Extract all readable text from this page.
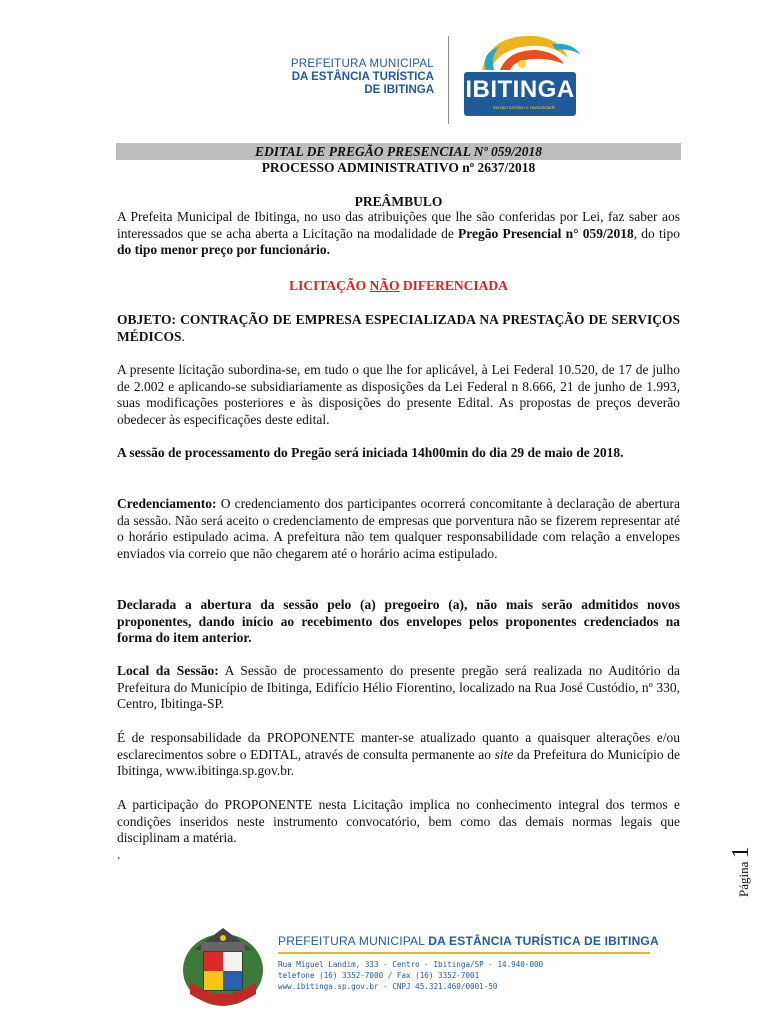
PREFEITURA MUNICIPAL
DA ESTÂNCIA TURÍSTICA
DE IBITINGA IBITINGA
Serviço turístico e Humanidade
EDITAL DE PREGÃO PRESENCIAL Nº 059/2018
PROCESSO ADMINISTRATIVO nº 2637/2018
PREÂMBULO
A Prefeita Municipal de Ibitinga, no uso das atribuições que lhe são conferidas por Lei, faz saber aos interessados que se acha aberta a Licitação na modalidade de Pregão Presencial n° 059/2018, do tipo do tipo menor preço por funcionário.
LICITAÇÃO NÃO DIFERENCIADA
OBJETO: CONTRAÇÃO DE EMPRESA ESPECIALIZADA NA PRESTAÇÃO DE SERVIÇOS MÉDICOS.
A presente licitação subordina-se, em tudo o que lhe for aplicável, à Lei Federal 10.520, de 17 de julho de 2.002 e aplicando-se subsidiariamente as disposições da Lei Federal n 8.666, 21 de junho de 1.993, suas modificações posteriores e às disposições do presente Edital. As propostas de preços deverão obedecer às especificações deste edital.
A sessão de processamento do Pregão será iniciada 14h00min do dia 29 de maio de 2018.
Credenciamento: O credenciamento dos participantes ocorrerá concomitante à declaração de abertura da sessão. Não será aceito o credenciamento de empresas que porventura não se fizerem representar até o horário estipulado acima. A prefeitura não tem qualquer responsabilidade com relação a envelopes enviados via correio que não chegarem até o horário acima estipulado.
Declarada a abertura da sessão pelo (a) pregoeiro (a), não mais serão admitidos novos proponentes, dando início ao recebimento dos envelopes pelos proponentes credenciados na forma do item anterior.
Local da Sessão: A Sessão de processamento do presente pregão será realizada no Auditório da Prefeitura do Município de Ibitinga, Edifício Hélio Fiorentino, localizado na Rua José Custódio, nº 330, Centro, Ibitinga-SP.
É de responsabilidade da PROPONENTE manter-se atualizado quanto a quaisquer alterações e/ou esclarecimentos sobre o EDITAL, através de consulta permanente ao site da Prefeitura do Município de Ibitinga, www.ibitinga.sp.gov.br.
A participação do PROPONENTE nesta Licitação implica no conhecimento integral dos termos e condições inseridos neste instrumento convocatório, bem como das demais normas legais que disciplinam a matéria.
.
Página 1
PREFEITURA MUNICIPAL DA ESTÂNCIA TURÍSTICA DE IBITINGA
Rua Miguel Landim, 333 - Centro - Ibitinga/SP - 14.940-000
telefone (16) 3352-7000 / Fax (16) 3352-7001
www.ibitinga.sp.gov.br - CNPJ 45.321.460/0001-50
